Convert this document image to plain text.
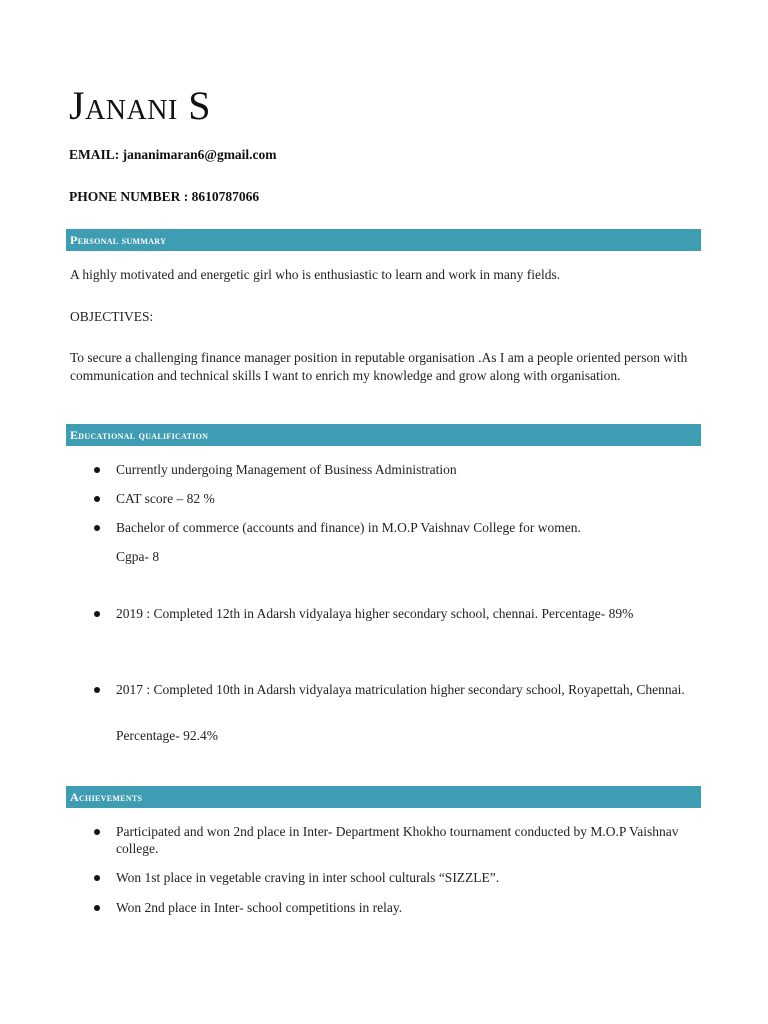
Janani S
EMAIL: jananimaran6@gmail.com
PHONE NUMBER : 8610787066
Personal summary

A highly motivated and energetic girl who is enthusiastic to learn and work in many fields.

OBJECTIVES:

To secure a challenging finance manager position in reputable organisation .As I am a people oriented person with communication and technical skills I want to enrich my knowledge and grow along with organisation.

Educational qualification
Currently undergoing Management of Business Administration
CAT score – 82 %
Bachelor of commerce (accounts and finance) in M.O.P Vaishnav College for women.
Cgpa- 8
2019 : Completed 12th in Adarsh vidyalaya higher secondary school, chennai. Percentage- 89%
2017 : Completed 10th in Adarsh vidyalaya matriculation higher secondary school, Royapettah, Chennai.
Percentage- 92.4%
Achievements
Participated and won 2nd place in Inter- Department Khokho tournament conducted by M.O.P Vaishnav college.
Won 1st place in vegetable craving in inter school culturals “SIZZLE”.
Won 2nd place in Inter- school competitions in relay.
